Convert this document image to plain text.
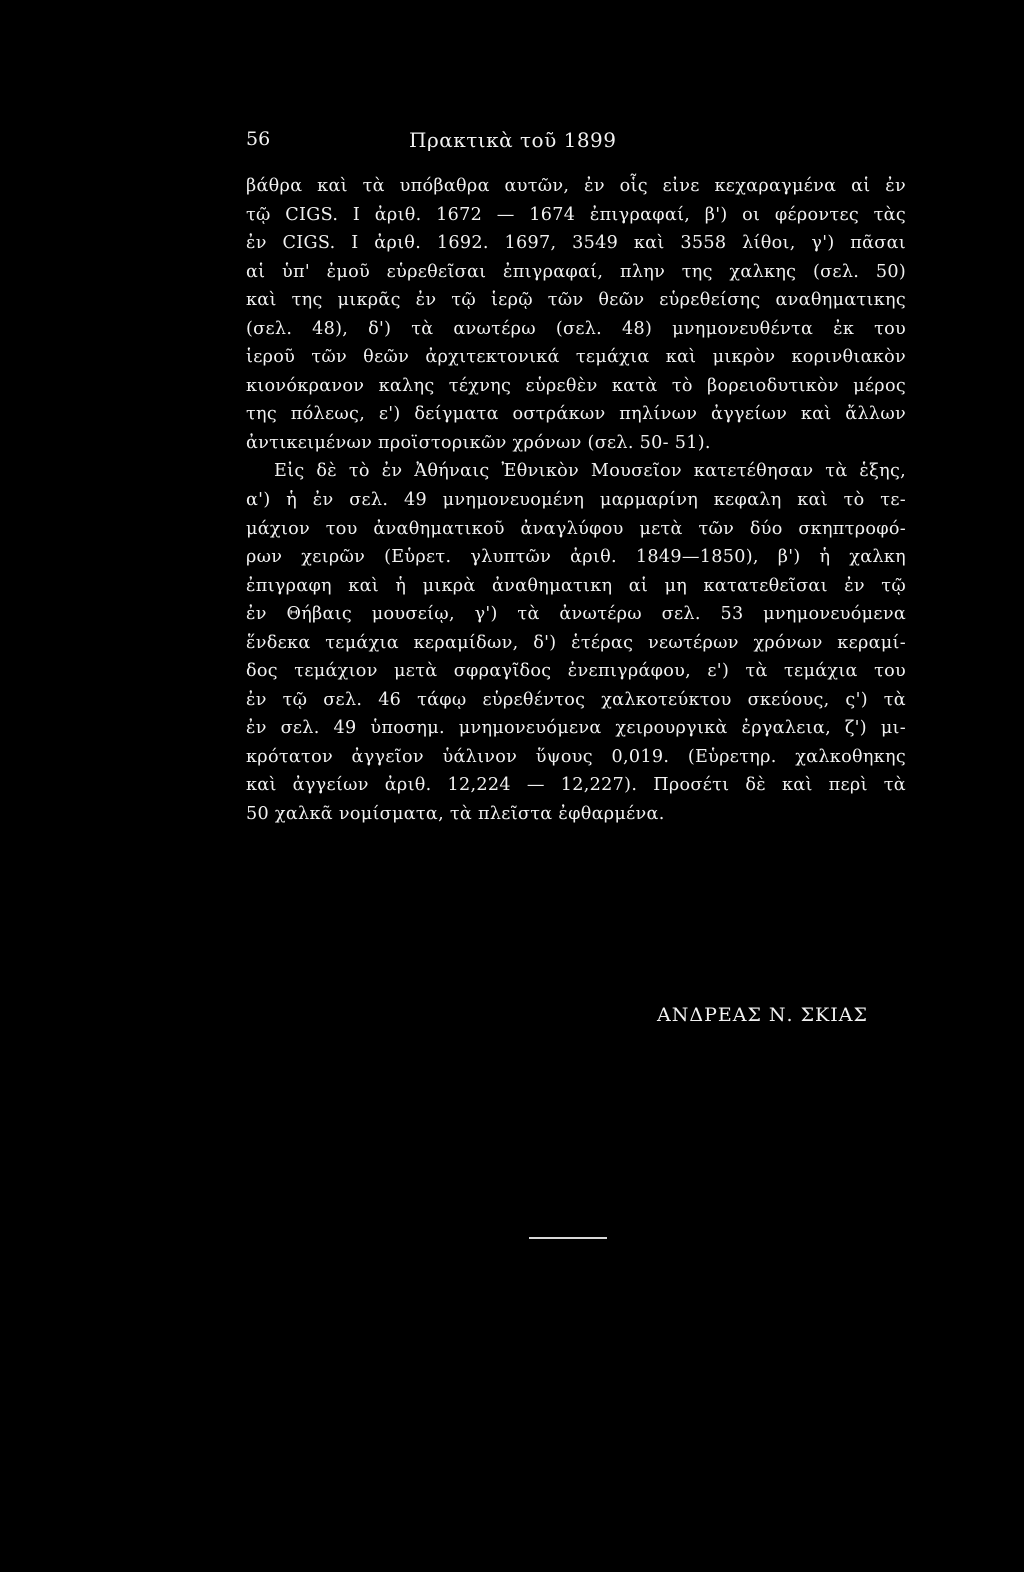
56	Πρακτικὰ τοῦ 1899
βάθρα καὶ τὰ υπόβαθρα αυτῶν, ἐν οἷς εἰνε κεχαραγμένα αἱ ἐν
τῷ CIGS. I ἀριθ. 1672 — 1674 ἐπιγραφαί, β') οι φέροντες τὰς
ἐν CIGS. I ἀριθ. 1692. 1697, 3549 καὶ 3558 λίθοι, γ') πᾶσαι
αἱ ὑπ' ἐμοῦ εὑρεθεῖσαι ἐπιγραφαί, πλην της χαλκης (σελ. 50)
καὶ της μικρᾶς ἐν τῷ ἱερῷ τῶν θεῶν εὑρεθείσης αναθηματικης
(σελ. 48), δ') τὰ ανωτέρω (σελ. 48) μνημονευθέντα ἐκ του
ἱεροῦ τῶν θεῶν ἀρχιτεκτονικά τεμάχια καὶ μικρὸν κορινθιακὸν
κιονόκρανον καλης τέχνης εὑρεθὲν κατὰ τὸ βορειοδυτικὸν μέρος
της πόλεως, ε') δείγματα οστράκων πηλίνων ἀγγείων καὶ ἄλλων
ἀντικειμένων προϊστορικῶν χρόνων (σελ. 50- 51).
Εἰς δὲ τὸ ἐν Ἀθήναις Ἐθνικὸν Μουσεῖον κατετέθησαν τὰ ἑξης,
α') ἡ ἐν σελ. 49 μνημονευομένη μαρμαρίνη κεφαλη καὶ τὸ τε-
μάχιον του ἀναθηματικοῦ ἀναγλύφου μετὰ τῶν δύο σκηπτροφό-
ρων χειρῶν (Εὑρετ. γλυπτῶν ἀριθ. 1849—1850), β') ἡ χαλκη
ἐπιγραφη καὶ ἡ μικρὰ ἀναθηματικη αἱ μη κατατεθεῖσαι ἐν τῷ
ἐν Θήβαις μουσείῳ, γ') τὰ ἀνωτέρω σελ. 53 μνημονευόμενα
ἕνδεκα τεμάχια κεραμίδων, δ') ἑτέρας νεωτέρων χρόνων κεραμί-
δος τεμάχιον μετὰ σφραγῖδος ἐνεπιγράφου, ε') τὰ τεμάχια του
ἐν τῷ σελ. 46 τάφῳ εὑρεθέντος χαλκοτεύκτου σκεύους, ς') τὰ
ἐν σελ. 49 ὑποσημ. μνημονευόμενα χειρουργικὰ ἐργαλεια, ζ') μι-
κρότατον ἀγγεῖον ὑάλινον ὕψους 0,019. (Εὑρετηρ. χαλκοθηκης
καὶ ἀγγείων ἀριθ. 12,224 — 12,227). Προσέτι δὲ καὶ περὶ τὰ
50 χαλκᾶ νομίσματα, τὰ πλεῖστα ἐφθαρμένα.
ΑΝΔΡΕΑΣ Ν. ΣΚΙΑΣ
